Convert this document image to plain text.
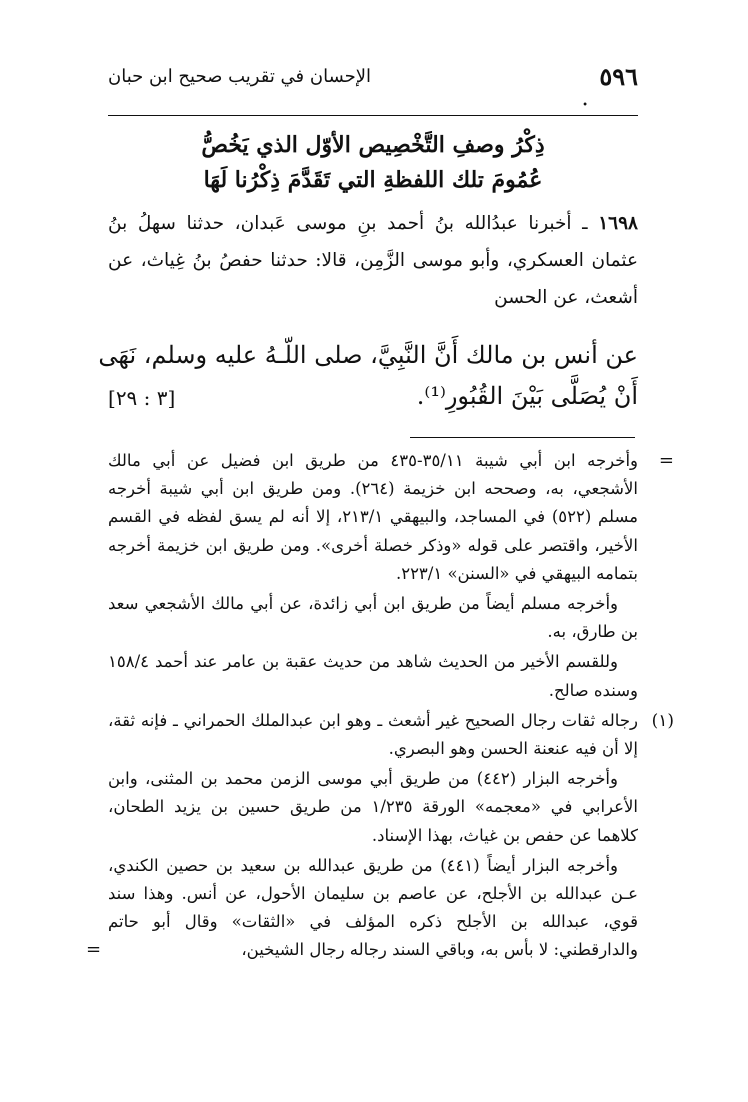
٥٩٦
الإحسان في تقريب صحيح ابن حبان
•
ذِكْرُ وصفِ التَّخْصِيص الأوّل الذي يَخُصُّ
عُمُومَ تلك اللفظةِ التي تَقَدَّمَ ذِكْرُنا لَهَا
١٦٩٨ ـ أخبرنا عبدُالله بنُ أحمد بنِ موسى عَبدان، حدثنا سهلُ بنُ عثمان العسكري، وأبو موسى الزَّمِن، قالا: حدثنا حفصُ بنُ غِياث، عن أشعث، عن الحسن
عن أنس بن مالك أَنَّ النَّبِيَّ، صلى اللّـهُ عليه وسلم، نَهَى
أَنْ يُصَلَّى بَيْنَ القُبُورِ⁽¹⁾.
[٣ : ٢٩]
=

وأخرجه ابن أبي شيبة ٣٥/١١-٤٣٥ من طريق ابن فضيل عن أبي مالك الأشجعي، به، وصححه ابن خزيمة (٢٦٤). ومن طريق ابن أبي شيبة أخرجه مسلم (٥٢٢) في المساجد، والبيهقي ٢١٣/١، إلا أنه لم يسق لفظه في القسم الأخير، واقتصر على قوله «وذكر خصلة أخرى». ومن طريق ابن خزيمة أخرجه بتمامه البيهقي في «السنن» ٢٢٣/١.

وأخرجه مسلم أيضاً من طريق ابن أبي زائدة، عن أبي مالك الأشجعي سعد بن طارق، به.

وللقسم الأخير من الحديث شاهد من حديث عقبة بن عامر عند أحمد ١٥٨/٤ وسنده صالح.

(١)

رجاله ثقات رجال الصحيح غير أشعث ـ وهو ابن عبدالملك الحمراني ـ فإنه ثقة، إلا أن فيه عنعنة الحسن وهو البصري.

وأخرجه البزار (٤٤٢) من طريق أبي موسى الزمن محمد بن المثنى، وابن الأعرابي في «معجمه» الورقة ١/٢٣٥ من طريق حسين بن يزيد الطحان، كلاهما عن حفص بن غياث، بهذا الإسناد.

وأخرجه البزار أيضاً (٤٤١) من طريق عبدالله بن سعيد بن حصين الكندي، عـن عبدالله بن الأجلح، عن عاصم بن سليمان الأحول، عن أنس. وهذا سند قوي، عبدالله بن الأجلح ذكره المؤلف في «الثقات» وقال أبو حاتم والدارقطني: لا بأس به، وباقي السند رجاله رجال الشيخين،
=
